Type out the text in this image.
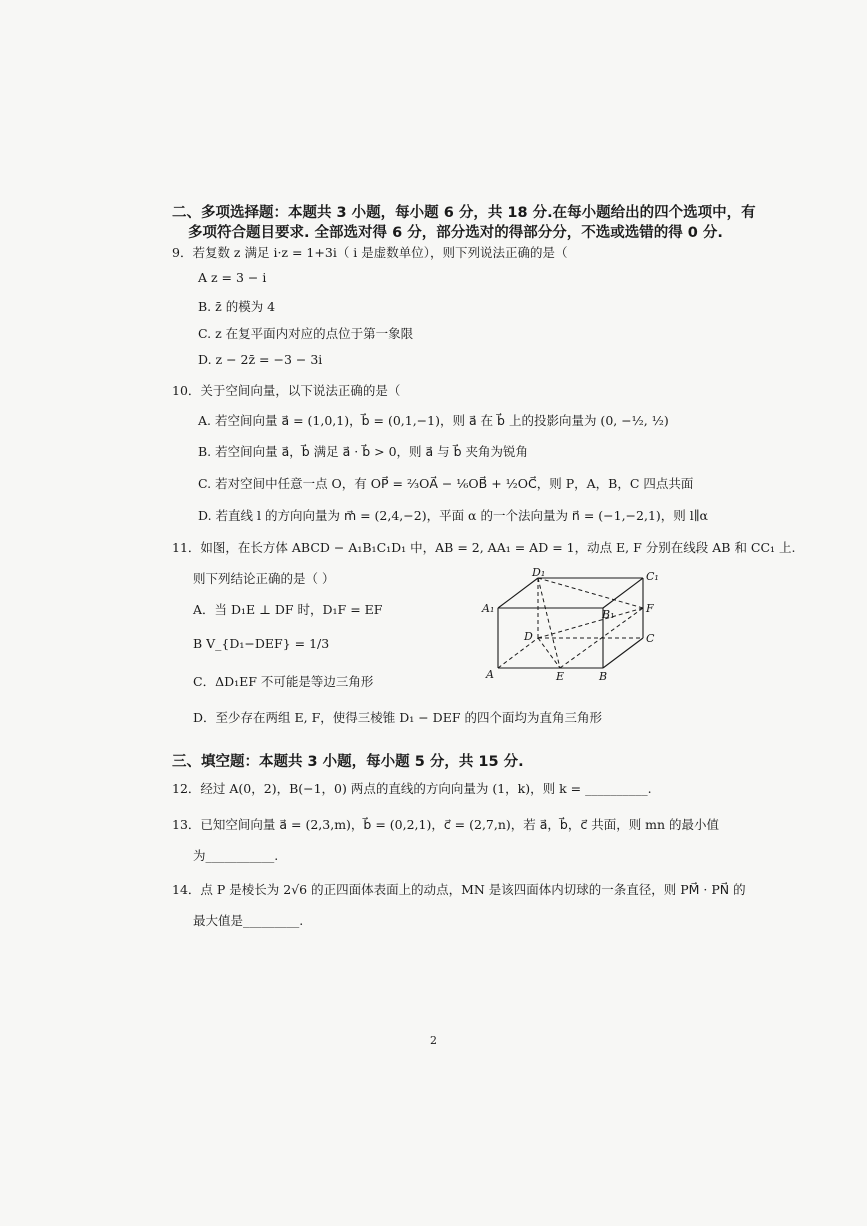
二、多项选择题：本题共 3 小题，每小题 6 分，共 18 分.在每小题给出的四个选项中，有
多项符合题目要求. 全部选对得 6 分，部分选对的得部分分，不选或选错的得 0 分.
9．若复数 z 满足 i·z = 1+3i（ i 是虚数单位），则下列说法正确的是（
A z = 3 − i
B. z̄ 的模为 4
C. z 在复平面内对应的点位于第一象限
D. z − 2z̄ = −3 − 3i
10．关于空间向量，以下说法正确的是（
A. 若空间向量 a⃗ = (1,0,1)，b⃗ = (0,1,−1)，则 a⃗ 在 b⃗ 上的投影向量为 (0, −½, ½)
B. 若空间向量 a⃗，b⃗ 满足 a⃗ · b⃗ > 0，则 a⃗ 与 b⃗ 夹角为锐角
C. 若对空间中任意一点 O，有 OP⃗ = ⅔OA⃗ − ⅙OB⃗ + ½OC⃗，则 P，A，B，C 四点共面
D. 若直线 l 的方向向量为 m⃗ = (2,4,−2)，平面 α 的一个法向量为 n⃗ = (−1,−2,1)，则 l∥α
11．如图，在长方体 ABCD − A₁B₁C₁D₁ 中，AB = 2, AA₁ = AD = 1，动点 E, F 分别在线段 AB 和 CC₁ 上.
则下列结论正确的是（ ）
A．当 D₁E ⊥ DF 时，D₁F = EF
B V_{D₁−DEF} = 1/3
C．ΔD₁EF 不可能是等边三角形
D．至少存在两组 E, F，使得三棱锥 D₁ − DEF 的四个面均为直角三角形
D₁	C₁
A₁	B₁	F
D	C
A	E	B
三、填空题：本题共 3 小题，每小题 5 分，共 15 分.
12．经过 A(0，2)，B(−1，0) 两点的直线的方向向量为 (1，k)，则 k = __________.
13．已知空间向量 a⃗ = (2,3,m)，b⃗ = (0,2,1)，c⃗ = (2,7,n)，若 a⃗，b⃗，c⃗ 共面，则 mn 的最小值
为___________.
14．点 P 是棱长为 2√6 的正四面体表面上的动点，MN 是该四面体内切球的一条直径，则 PM⃗ · PN⃗ 的
最大值是_________.
2
